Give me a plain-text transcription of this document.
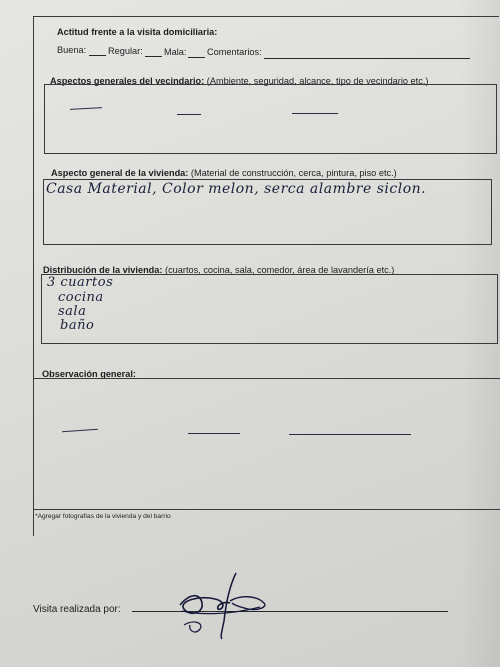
Actitud frente a la visita domiciliaria:
Buena: Regular: Mala: Comentarios:
Aspectos generales del vecindario: (Ambiente, seguridad, alcance, tipo de vecindario etc.)
Aspecto general de la vivienda: (Material de construcción, cerca, pintura, piso etc.)
Casa Material, Color melon, serca alambre siclon.
Distribución de la vivienda: (cuartos, cocina, sala, comedor, área de lavandería etc.)
3 cuartos
cocina
sala
baño
Observación general:
*Agregar fotografías de la vivienda y del barrio
Visita realizada por:
